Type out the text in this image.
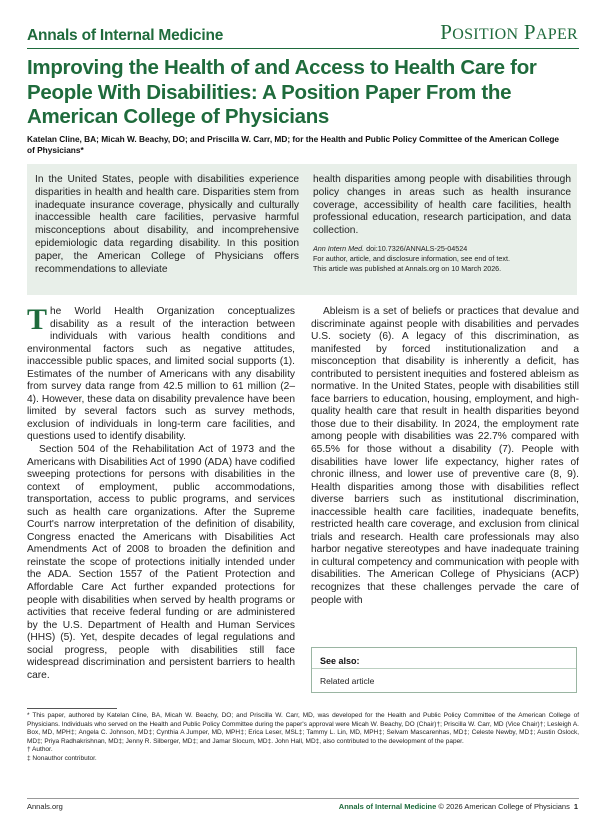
Annals of Internal Medicine	POSITION PAPER
Improving the Health of and Access to Health Care for People With Disabilities: A Position Paper From the American College of Physicians
Katelan Cline, BA; Micah W. Beachy, DO; and Priscilla W. Carr, MD; for the Health and Public Policy Committee of the American College of Physicians*
In the United States, people with disabilities experience disparities in health and health care. Disparities stem from inadequate insurance coverage, physically and culturally inaccessible health care facilities, pervasive harmful misconceptions about disability, and incomprehensive epidemiologic data regarding disability. In this position paper, the American College of Physicians offers recommendations to alleviate
health disparities among people with disabilities through policy changes in areas such as health insurance coverage, accessibility of health care facilities, health professional education, research participation, and data collection.
Ann Intern Med. doi:10.7326/ANNALS-25-04524
For author, article, and disclosure information, see end of text.
This article was published at Annals.org on 10 March 2026.

The World Health Organization conceptualizes disability as a result of the interaction between individuals with various health conditions and environmental factors such as negative attitudes, inaccessible public spaces, and limited social supports (1). Estimates of the number of Americans with any disability from survey data range from 42.5 million to 61 million (2–4). However, these data on disability prevalence have been limited by several factors such as survey methods, exclusion of individuals in long-term care facilities, and questions used to identify disability.

Section 504 of the Rehabilitation Act of 1973 and the Americans with Disabilities Act of 1990 (ADA) have codified sweeping protections for persons with disabilities in the context of employment, public accommodations, transportation, access to public programs, and services such as health care organizations. After the Supreme Court's narrow interpretation of the definition of disability, Congress enacted the Americans with Disabilities Act Amendments Act of 2008 to broaden the definition and reinstate the scope of protections initially intended under the ADA. Section 1557 of the Patient Protection and Affordable Care Act further expanded protections for people with disabilities when served by health programs or activities that receive federal funding or are administered by the U.S. Department of Health and Human Services (HHS) (5). Yet, despite decades of legal regulations and social progress, people with disabilities still face widespread discrimination and persistent barriers to health care.

Ableism is a set of beliefs or practices that devalue and discriminate against people with disabilities and pervades U.S. society (6). A legacy of this discrimination, as manifested by forced institutionalization and a misconception that disability is inherently a deficit, has contributed to persistent inequities and fostered ableism as normative. In the United States, people with disabilities still face barriers to education, housing, employment, and high-quality health care that result in health disparities beyond those due to their disability. In 2024, the employment rate among people with disabilities was 22.7% compared with 65.5% for those without a disability (7). People with disabilities have lower life expectancy, higher rates of chronic illness, and lower use of preventive care (8, 9). Health disparities among those with disabilities reflect diverse barriers such as institutional discrimination, inaccessible health care facilities, inadequate benefits, restricted health care coverage, and exclusion from clinical trials and research. Health care professionals may also harbor negative stereotypes and have inadequate training in cultural competency and communication with people with disabilities. The American College of Physicians (ACP) recognizes that these challenges pervade the care of people with

See also:
Related article
* This paper, authored by Katelan Cline, BA, Micah W. Beachy, DO; and Priscilla W. Carr, MD, was developed for the Health and Public Policy Committee of the American College of Physicians. Individuals who served on the Health and Public Policy Committee during the paper's approval were Micah W. Beachy, DO (Chair)†; Priscilla W. Carr, MD (Vice Chair)†; Lesleigh A. Box, MD, MPH‡; Angela C. Johnson, MD‡; Cynthia A Jumper, MD, MPH‡; Erica Leser, MSL‡; Tammy L. Lin, MD, MPH‡; Selvam Mascarenhas, MD‡; Celeste Newby, MD‡; Austin Oslock, MD‡; Priya Radhakrishnan, MD‡; Jenny R. Silberger, MD‡; and Jamar Slocum, MD‡. John Hall, MD‡, also contributed to the development of the paper.
† Author.
‡ Nonauthor contributor.
Annals.org	Annals of Internal Medicine © 2026 American College of Physicians 1
